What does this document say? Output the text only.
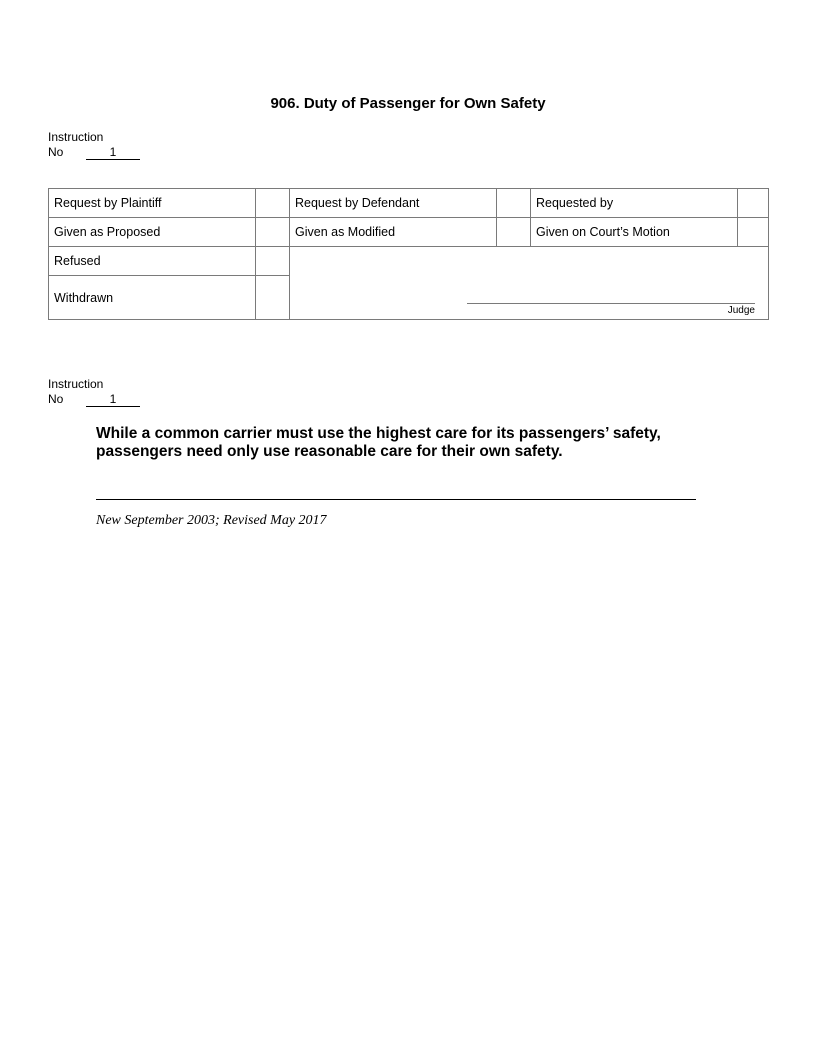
906. Duty of Passenger for Own Safety
Instruction
No	1
Request by Plaintiff	Request by Defendant	Requested by
Given as Proposed	Given as Modified	Given on Court’s Motion
Refused
Withdrawn
Judge
Instruction
No	1
While a common carrier must use the highest care for its passengers’ safety,
passengers need only use reasonable care for their own safety.
New September 2003; Revised May 2017
